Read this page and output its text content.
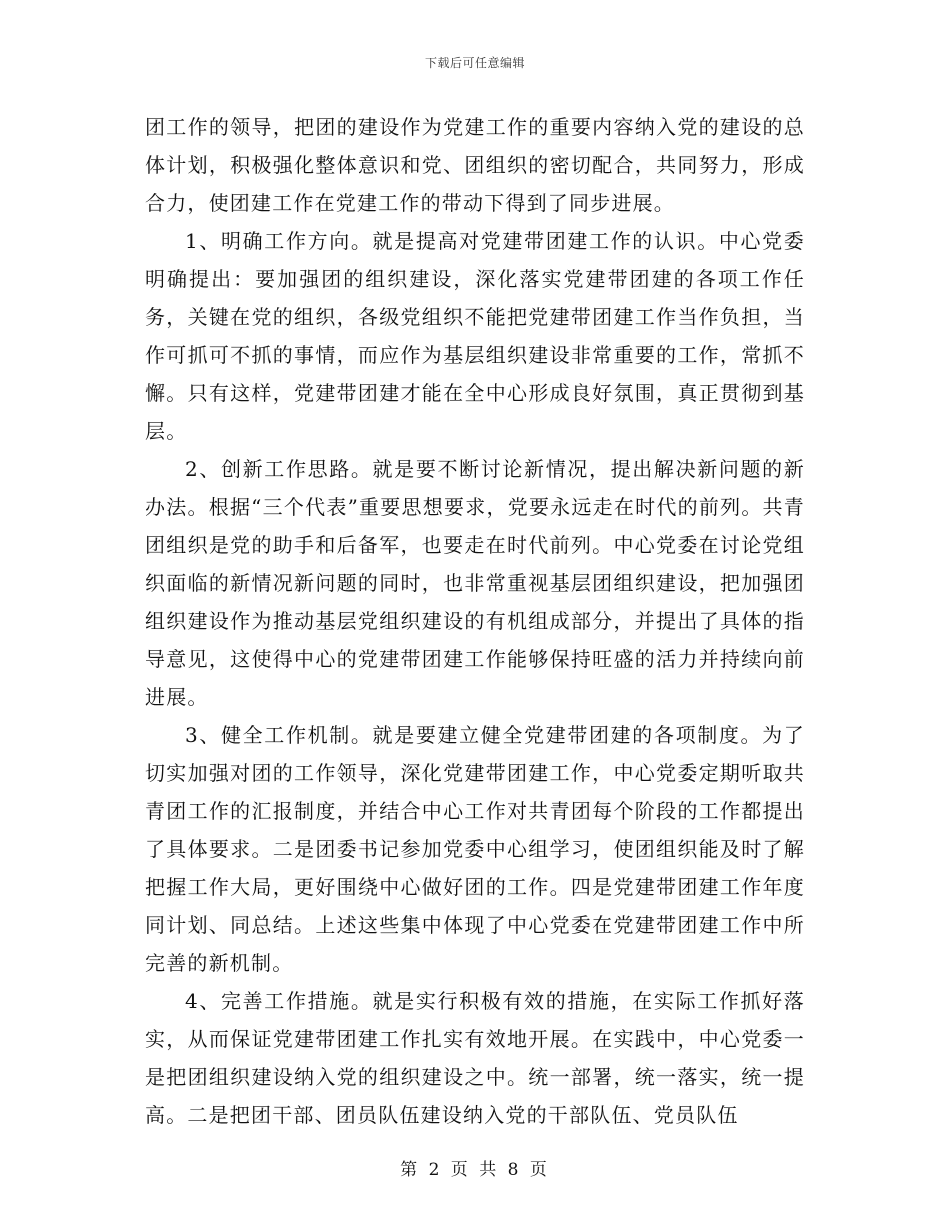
下载后可任意编辑

团工作的领导，把团的建设作为党建工作的重要内容纳入党的建设的总体计划，积极强化整体意识和党、团组织的密切配合，共同努力，形成合力，使团建工作在党建工作的带动下得到了同步进展。

1、明确工作方向。就是提高对党建带团建工作的认识。中心党委明确提出：要加强团的组织建设，深化落实党建带团建的各项工作任务，关键在党的组织，各级党组织不能把党建带团建工作当作负担，当作可抓可不抓的事情，而应作为基层组织建设非常重要的工作，常抓不懈。只有这样，党建带团建才能在全中心形成良好氛围，真正贯彻到基层。

2、创新工作思路。就是要不断讨论新情况，提出解决新问题的新办法。根据“三个代表”重要思想要求，党要永远走在时代的前列。共青团组织是党的助手和后备军，也要走在时代前列。中心党委在讨论党组织面临的新情况新问题的同时，也非常重视基层团组织建设，把加强团组织建设作为推动基层党组织建设的有机组成部分，并提出了具体的指导意见，这使得中心的党建带团建工作能够保持旺盛的活力并持续向前进展。

3、健全工作机制。就是要建立健全党建带团建的各项制度。为了切实加强对团的工作领导，深化党建带团建工作，中心党委定期听取共青团工作的汇报制度，并结合中心工作对共青团每个阶段的工作都提出了具体要求。二是团委书记参加党委中心组学习，使团组织能及时了解把握工作大局，更好围绕中心做好团的工作。四是党建带团建工作年度同计划、同总结。上述这些集中体现了中心党委在党建带团建工作中所完善的新机制。

4、完善工作措施。就是实行积极有效的措施，在实际工作抓好落实，从而保证党建带团建工作扎实有效地开展。在实践中，中心党委一是把团组织建设纳入党的组织建设之中。统一部署，统一落实，统一提高。二是把团干部、团员队伍建设纳入党的干部队伍、党员队伍

第 2 页 共 8 页
